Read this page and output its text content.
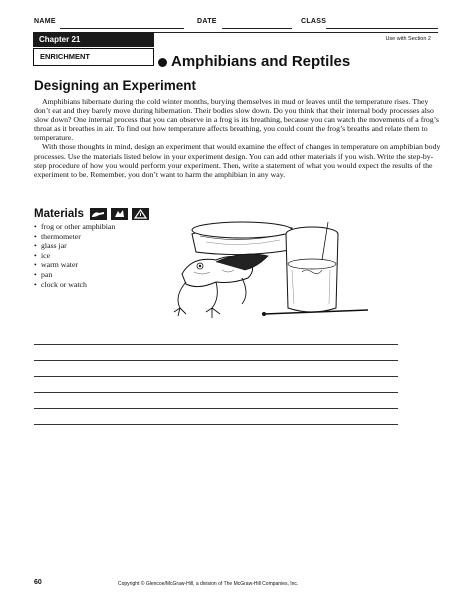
NAME	DATE	CLASS
Chapter 21	Use with Section 2
ENRICHMENT	Amphibians and Reptiles
Designing an Experiment

Amphibians hibernate during the cold winter months, burying themselves in mud or leaves until the temperature rises. They don’t eat and they barely move during hibernation. Their bodies slow down. Do you think that their internal body processes also slow down? One internal process that you can observe in a frog is its breathing, because you can watch the movements of a frog’s throat as it breathes in air. To find out how temperature affects breathing, you could count the frog’s breaths and relate them to temperature.

With those thoughts in mind, design an experiment that would examine the effect of changes in temperature on amphibian body processes. Use the materials listed below in your experiment design. You can add other materials if you wish. Write the step-by-step procedure of how you would perform your experiment. Then, write a statement of what you would expect the results of the experiment to be. Remember, you don’t want to harm the amphibian in any way.

Materials
• frog or other amphibian
• thermometer
• glass jar
• ice
• warm water
• pan
• clock or watch
60	Copyright © Glencoe/McGraw-Hill, a division of The McGraw-Hill Companies, Inc.
